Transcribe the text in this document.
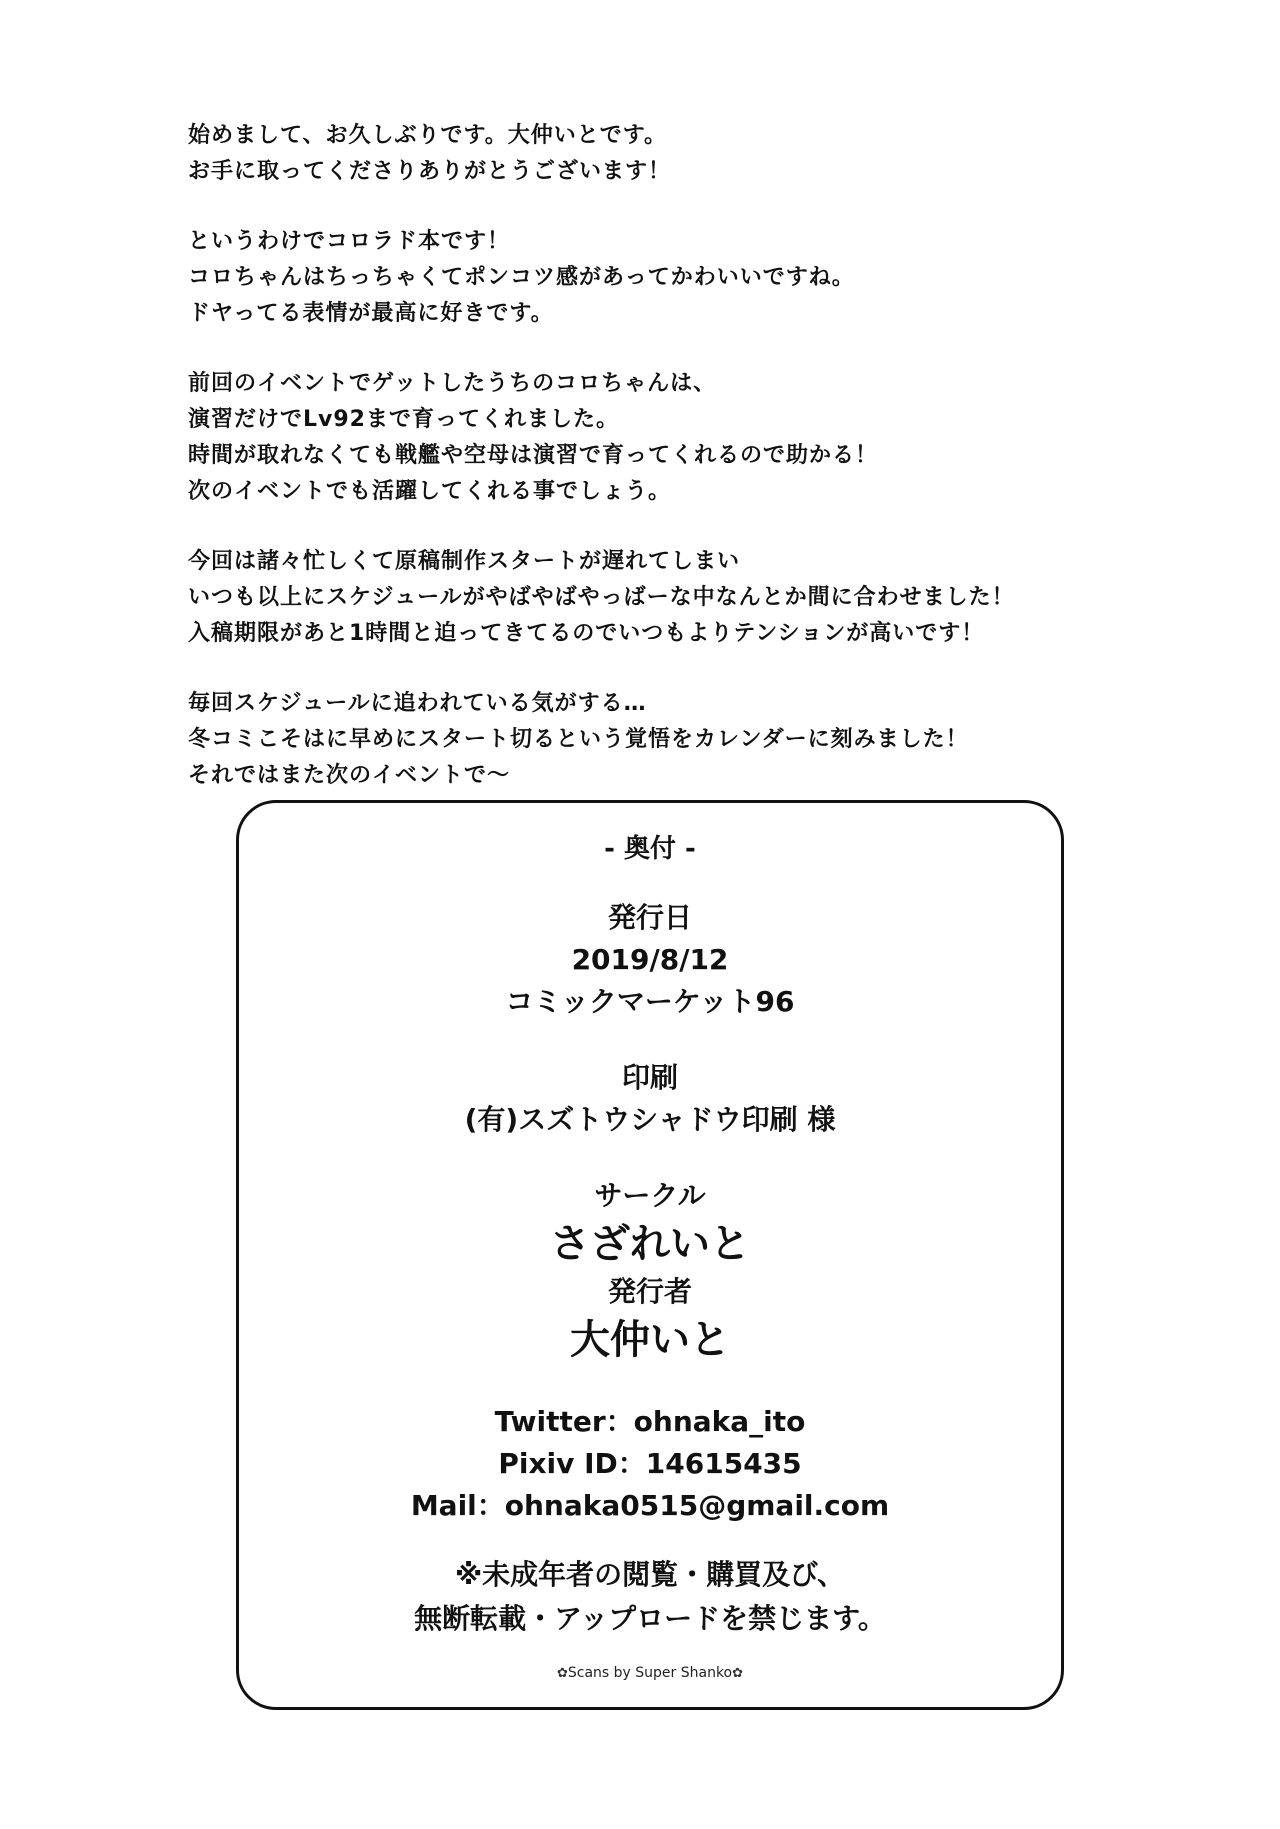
始めまして、お久しぶりです。大仲いとです。
お手に取ってくださりありがとうございます！
というわけでコロラド本です！
コロちゃんはちっちゃくてポンコツ感があってかわいいですね。
ドヤってる表情が最高に好きです。
前回のイベントでゲットしたうちのコロちゃんは、
演習だけでLv92まで育ってくれました。
時間が取れなくても戦艦や空母は演習で育ってくれるので助かる！
次のイベントでも活躍してくれる事でしょう。
今回は諸々忙しくて原稿制作スタートが遅れてしまい
いつも以上にスケジュールがやばやばやっばーな中なんとか間に合わせました！
入稿期限があと1時間と迫ってきてるのでいつもよりテンションが高いです！
毎回スケジュールに追われている気がする…
冬コミこそはに早めにスタート切るという覚悟をカレンダーに刻みました！
それではまた次のイベントで〜
- 奥付 -
発行日
2019/8/12
コミックマーケット96
印刷
(有)スズトウシャドウ印刷 様
サークル
さざれいと
発行者
大仲いと
Twitter：ohnaka_ito
Pixiv ID：14615435
Mail：ohnaka0515@gmail.com
※未成年者の閲覧・購買及び、
無断転載・アップロードを禁じます。
✿Scans by Super Shanko✿
